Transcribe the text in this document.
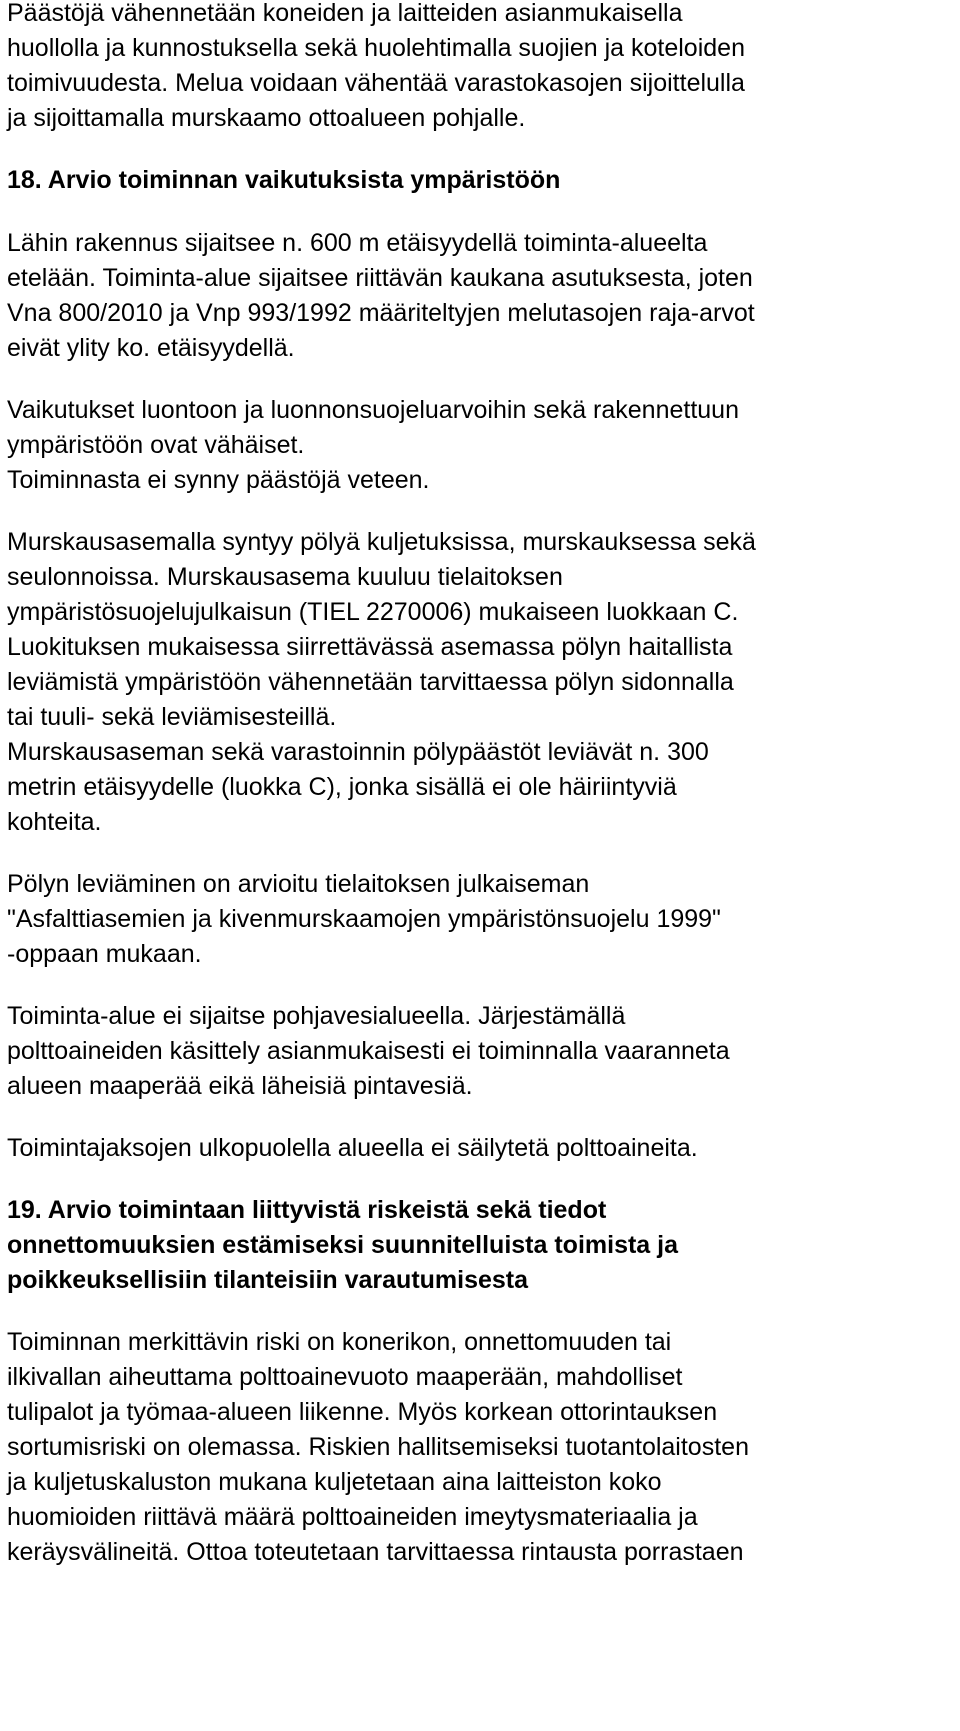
Päästöjä vähennetään koneiden ja laitteiden asianmukaisella
huollolla ja kunnostuksella sekä huolehtimalla suojien ja koteloiden
toimivuudesta. Melua voidaan vähentää varastokasojen sijoittelulla
ja sijoittamalla murskaamo ottoalueen pohjalle.
18. Arvio toiminnan vaikutuksista ympäristöön
Lähin rakennus sijaitsee n. 600 m etäisyydellä toiminta-alueelta
etelään. Toiminta-alue sijaitsee riittävän kaukana asutuksesta, joten
Vna 800/2010 ja Vnp 993/1992 määriteltyjen melutasojen raja-arvot
eivät ylity ko. etäisyydellä.
Vaikutukset luontoon ja luonnonsuojeluarvoihin sekä rakennettuun
ympäristöön ovat vähäiset.
Toiminnasta ei synny päästöjä veteen.
Murskausasemalla syntyy pölyä kuljetuksissa, murskauksessa sekä
seulonnoissa. Murskausasema kuuluu tielaitoksen
ympäristösuojelujulkaisun (TIEL 2270006) mukaiseen luokkaan C.
Luokituksen mukaisessa siirrettävässä asemassa pölyn haitallista
leviämistä ympäristöön vähennetään tarvittaessa pölyn sidonnalla
tai tuuli- sekä leviämisesteillä.
Murskausaseman sekä varastoinnin pölypäästöt leviävät n. 300
metrin etäisyydelle (luokka C), jonka sisällä ei ole häiriintyviä
kohteita.
Pölyn leviäminen on arvioitu tielaitoksen julkaiseman
"Asfalttiasemien ja kivenmurskaamojen ympäristönsuojelu 1999"
-oppaan mukaan.
Toiminta-alue ei sijaitse pohjavesialueella. Järjestämällä
polttoaineiden käsittely asianmukaisesti ei toiminnalla vaaranneta
alueen maaperää eikä läheisiä pintavesiä.
Toimintajaksojen ulkopuolella alueella ei säilytetä polttoaineita.
19. Arvio toimintaan liittyvistä riskeistä sekä tiedot
onnettomuuksien estämiseksi suunnitelluista toimista ja
poikkeuksellisiin tilanteisiin varautumisesta
Toiminnan merkittävin riski on konerikon, onnettomuuden tai
ilkivallan aiheuttama polttoainevuoto maaperään, mahdolliset
tulipalot ja työmaa-alueen liikenne. Myös korkean ottorintauksen
sortumisriski on olemassa. Riskien hallitsemiseksi tuotantolaitosten
ja kuljetuskaluston mukana kuljetetaan aina laitteiston koko
huomioiden riittävä määrä polttoaineiden imeytysmateriaalia ja
keräysvälineitä. Ottoa toteutetaan tarvittaessa rintausta porrastaen
